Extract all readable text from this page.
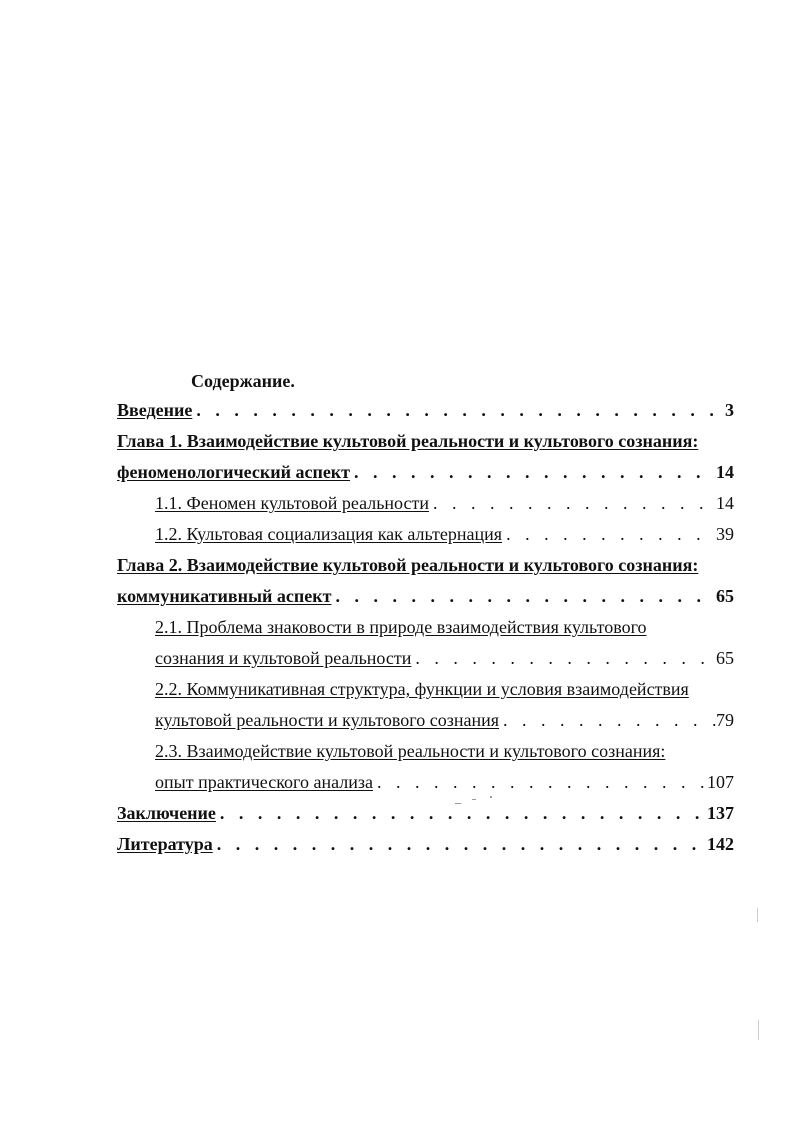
Содержание.
Введение . . .	3
Глава 1. Взаимодействие культовой реальности и культового сознания:
феноменологический аспект . . .	14
1.1. Феномен культовой реальности . . .	14
1.2. Культовая социализация как альтернация . . .	39
Глава 2. Взаимодействие культовой реальности и культового сознания:
коммуникативный аспект . . .	65
2.1. Проблема знаковости в природе взаимодействия культового
сознания и культовой реальности . . .	65
2.2. Коммуникативная структура, функции и условия взаимодействия
культовой реальности и культового сознания . . .	79
2.3. Взаимодействие культовой реальности и культового сознания:
опыт практического анализа . . .	107
Заключение . . .	137
Литература . . .	142
